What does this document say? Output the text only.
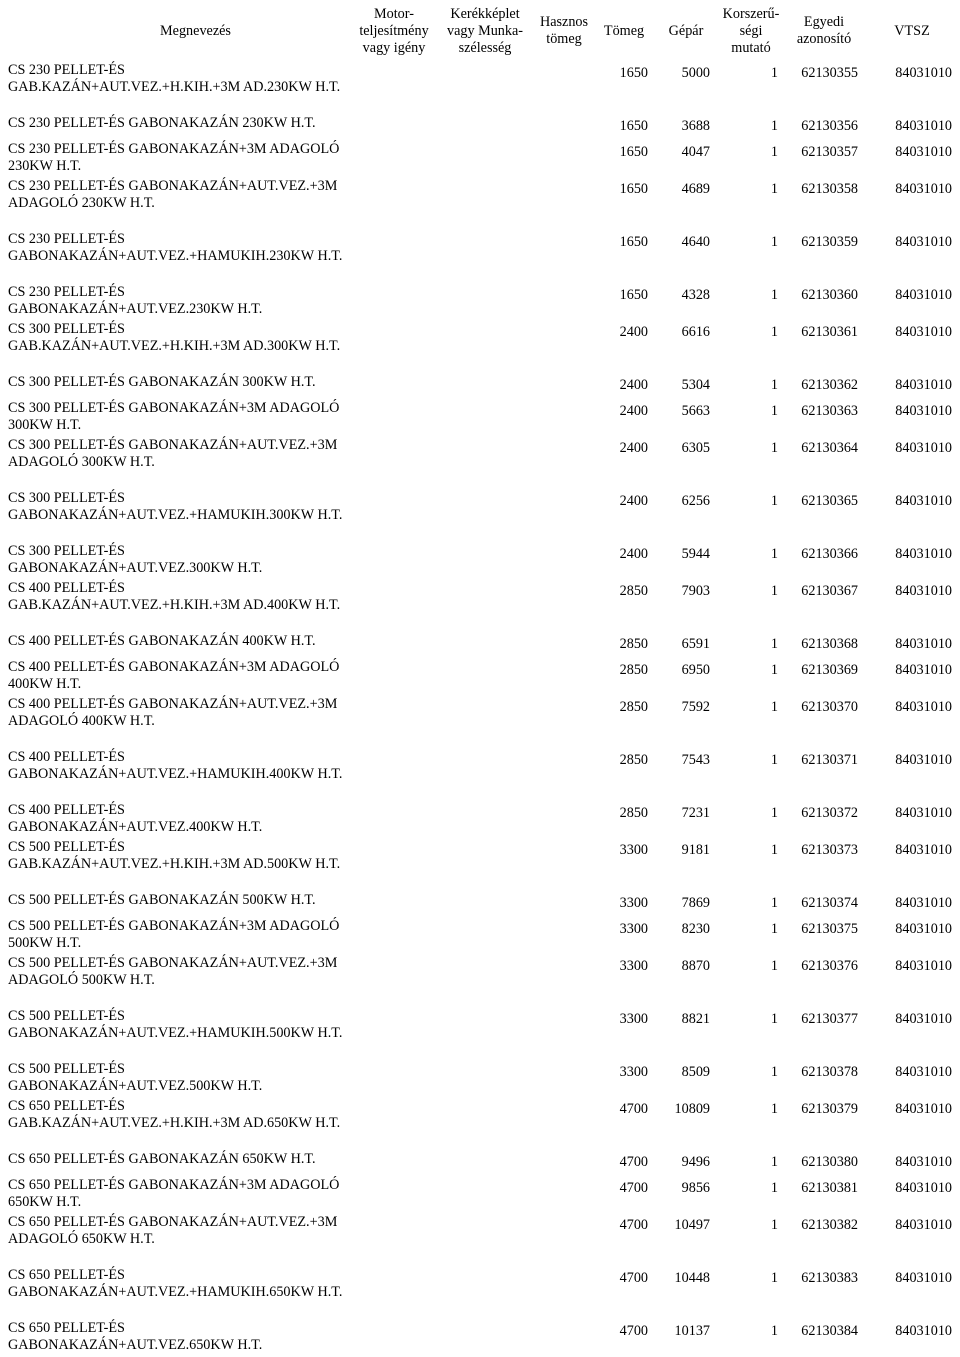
Megnevezés	Motor-teljesítmény vagy igény	Kerékképlet vagy Munka-szélesség	Hasznos tömeg	Tömeg	Gépár	Korszerű-ségi mutató	Egyedi azonosító	VTSZ
CS 230 PELLET-ÉS GAB.KAZÁN+AUT.VEZ.+H.KIH.+3M AD.230KW H.T.				1650	5000	1	62130355	84031010
CS 230 PELLET-ÉS GABONAKAZÁN 230KW H.T.				1650	3688	1	62130356	84031010
CS 230 PELLET-ÉS GABONAKAZÁN+3M ADAGOLÓ 230KW H.T.				1650	4047	1	62130357	84031010
CS 230 PELLET-ÉS GABONAKAZÁN+AUT.VEZ.+3M ADAGOLÓ 230KW H.T.				1650	4689	1	62130358	84031010
CS 230 PELLET-ÉS GABONAKAZÁN+AUT.VEZ.+HAMUKIH.230KW H.T.				1650	4640	1	62130359	84031010
CS 230 PELLET-ÉS GABONAKAZÁN+AUT.VEZ.230KW H.T.				1650	4328	1	62130360	84031010
CS 300 PELLET-ÉS GAB.KAZÁN+AUT.VEZ.+H.KIH.+3M AD.300KW H.T.				2400	6616	1	62130361	84031010
CS 300 PELLET-ÉS GABONAKAZÁN 300KW H.T.				2400	5304	1	62130362	84031010
CS 300 PELLET-ÉS GABONAKAZÁN+3M ADAGOLÓ 300KW H.T.				2400	5663	1	62130363	84031010
CS 300 PELLET-ÉS GABONAKAZÁN+AUT.VEZ.+3M ADAGOLÓ 300KW H.T.				2400	6305	1	62130364	84031010
CS 300 PELLET-ÉS GABONAKAZÁN+AUT.VEZ.+HAMUKIH.300KW H.T.				2400	6256	1	62130365	84031010
CS 300 PELLET-ÉS GABONAKAZÁN+AUT.VEZ.300KW H.T.				2400	5944	1	62130366	84031010
CS 400 PELLET-ÉS GAB.KAZÁN+AUT.VEZ.+H.KIH.+3M AD.400KW H.T.				2850	7903	1	62130367	84031010
CS 400 PELLET-ÉS GABONAKAZÁN 400KW H.T.				2850	6591	1	62130368	84031010
CS 400 PELLET-ÉS GABONAKAZÁN+3M ADAGOLÓ 400KW H.T.				2850	6950	1	62130369	84031010
CS 400 PELLET-ÉS GABONAKAZÁN+AUT.VEZ.+3M ADAGOLÓ 400KW H.T.				2850	7592	1	62130370	84031010
CS 400 PELLET-ÉS GABONAKAZÁN+AUT.VEZ.+HAMUKIH.400KW H.T.				2850	7543	1	62130371	84031010
CS 400 PELLET-ÉS GABONAKAZÁN+AUT.VEZ.400KW H.T.				2850	7231	1	62130372	84031010
CS 500 PELLET-ÉS GAB.KAZÁN+AUT.VEZ.+H.KIH.+3M AD.500KW H.T.				3300	9181	1	62130373	84031010
CS 500 PELLET-ÉS GABONAKAZÁN 500KW H.T.				3300	7869	1	62130374	84031010
CS 500 PELLET-ÉS GABONAKAZÁN+3M ADAGOLÓ 500KW H.T.				3300	8230	1	62130375	84031010
CS 500 PELLET-ÉS GABONAKAZÁN+AUT.VEZ.+3M ADAGOLÓ 500KW H.T.				3300	8870	1	62130376	84031010
CS 500 PELLET-ÉS GABONAKAZÁN+AUT.VEZ.+HAMUKIH.500KW H.T.				3300	8821	1	62130377	84031010
CS 500 PELLET-ÉS GABONAKAZÁN+AUT.VEZ.500KW H.T.				3300	8509	1	62130378	84031010
CS 650 PELLET-ÉS GAB.KAZÁN+AUT.VEZ.+H.KIH.+3M AD.650KW H.T.				4700	10809	1	62130379	84031010
CS 650 PELLET-ÉS GABONAKAZÁN 650KW H.T.				4700	9496	1	62130380	84031010
CS 650 PELLET-ÉS GABONAKAZÁN+3M ADAGOLÓ 650KW H.T.				4700	9856	1	62130381	84031010
CS 650 PELLET-ÉS GABONAKAZÁN+AUT.VEZ.+3M ADAGOLÓ 650KW H.T.				4700	10497	1	62130382	84031010
CS 650 PELLET-ÉS GABONAKAZÁN+AUT.VEZ.+HAMUKIH.650KW H.T.				4700	10448	1	62130383	84031010
CS 650 PELLET-ÉS GABONAKAZÁN+AUT.VEZ.650KW H.T.				4700	10137	1	62130384	84031010
